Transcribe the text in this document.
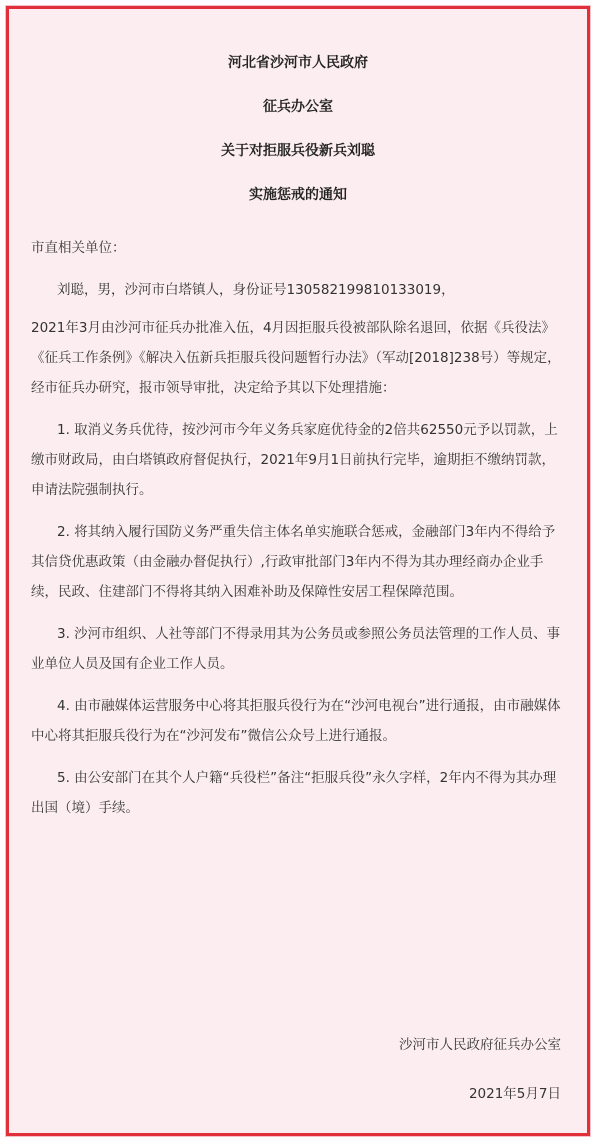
河北省沙河市人民政府
征兵办公室
关于对拒服兵役新兵刘聪
实施惩戒的通知

市直相关单位：

刘聪，男，沙河市白塔镇人，身份证号130582199810133019，

2021年3月由沙河市征兵办批准入伍，4月因拒服兵役被部队除名退回，依据《兵役法》《征兵工作条例》《解决入伍新兵拒服兵役问题暂行办法》（军动[2018]238号）等规定，经市征兵办研究，报市领导审批，决定给予其以下处理措施：

1. 取消义务兵优待，按沙河市今年义务兵家庭优待金的2倍共62550元予以罚款，上缴市财政局，由白塔镇政府督促执行，2021年9月1日前执行完毕，逾期拒不缴纳罚款，申请法院强制执行。

2. 将其纳入履行国防义务严重失信主体名单实施联合惩戒，金融部门3年内不得给予其信贷优惠政策（由金融办督促执行）,行政审批部门3年内不得为其办理经商办企业手续，民政、住建部门不得将其纳入困难补助及保障性安居工程保障范围。

3. 沙河市组织、人社等部门不得录用其为公务员或参照公务员法管理的工作人员、事业单位人员及国有企业工作人员。

4. 由市融媒体运营服务中心将其拒服兵役行为在“沙河电视台”进行通报，由市融媒体中心将其拒服兵役行为在“沙河发布”微信公众号上进行通报。

5. 由公安部门在其个人户籍“兵役栏”备注“拒服兵役”永久字样，2年内不得为其办理出国（境）手续。

沙河市人民政府征兵办公室
2021年5月7日
